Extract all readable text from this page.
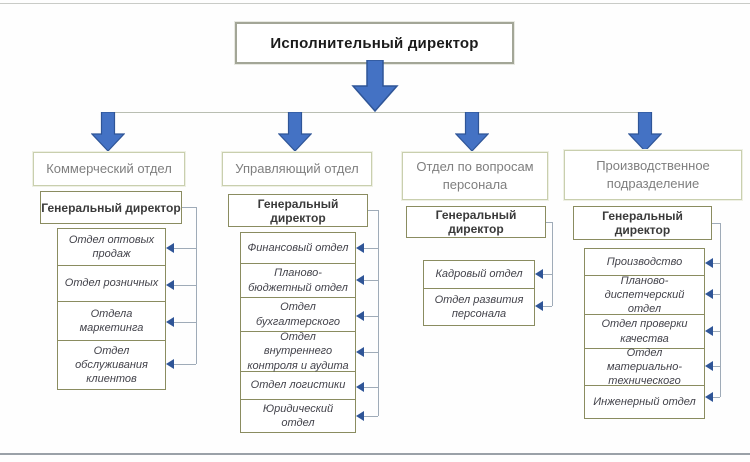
Исполнительный директор
Коммерческий отдел
Генеральный директор
Отдел оптовых продаж
Отдел розничных
Отдела маркетинга
Отдел обслуживания клиентов
Управляющий отдел
Генеральный директор
Финансовый отдел
Планово-бюджетный отдел
Отдел бухгалтерского
Отдел внутреннего контроля и аудита
Отдел логистики
Юридический отдел
Отдел по вопросам персонала
Генеральный директор
Кадровый отдел
Отдел развития персонала
Производственное подразделение
Генеральный директор
Производство
Планово-диспетчерский отдел
Отдел проверки качества
Отдел материально-технического
Инженерный отдел
